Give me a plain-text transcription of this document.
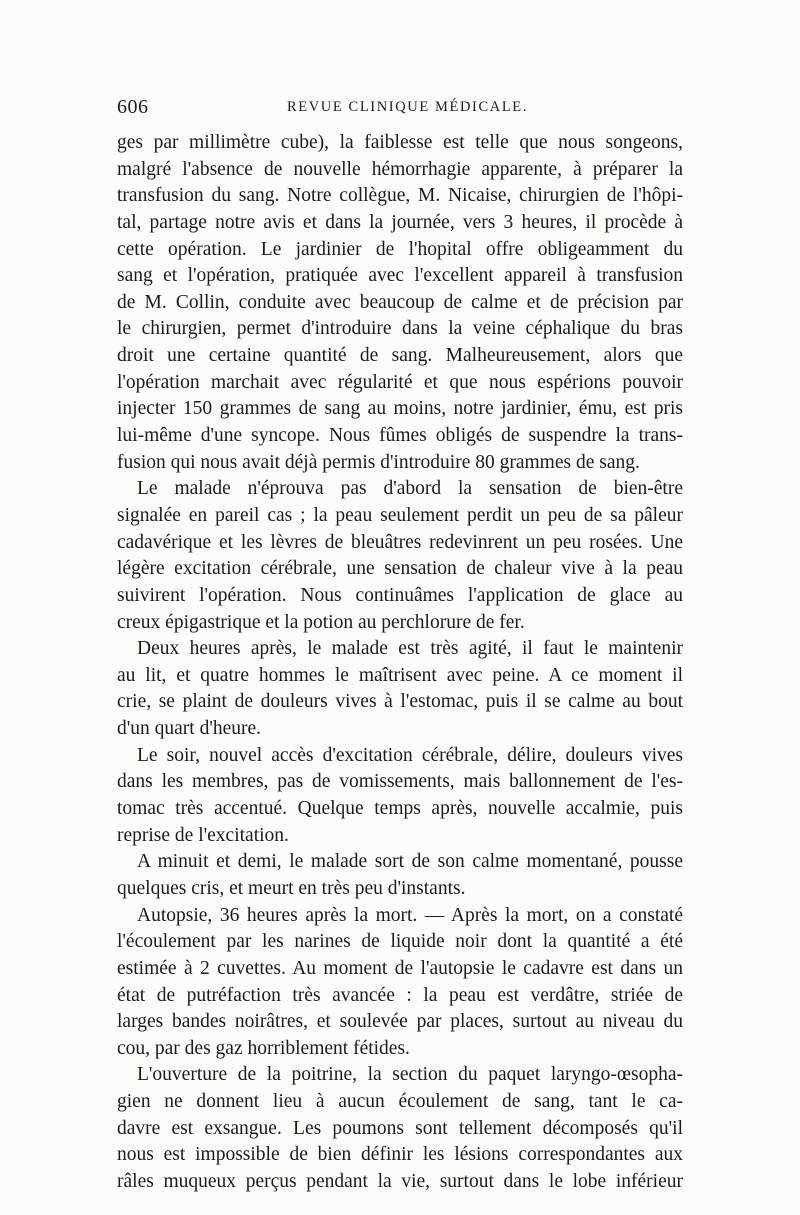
606	REVUE CLINIQUE MÉDICALE.
ges par millimètre cube), la faiblesse est telle que nous songeons,
malgré l'absence de nouvelle hémorrhagie apparente, à préparer la
transfusion du sang. Notre collègue, M. Nicaise, chirurgien de l'hôpi-
tal, partage notre avis et dans la journée, vers 3 heures, il procède à
cette opération. Le jardinier de l'hopital offre obligeamment du
sang et l'opération, pratiquée avec l'excellent appareil à transfusion
de M. Collin, conduite avec beaucoup de calme et de précision par
le chirurgien, permet d'introduire dans la veine céphalique du bras
droit une certaine quantité de sang. Malheureusement, alors que
l'opération marchait avec régularité et que nous espérions pouvoir
injecter 150 grammes de sang au moins, notre jardinier, ému, est pris
lui-même d'une syncope. Nous fûmes obligés de suspendre la trans-
fusion qui nous avait déjà permis d'introduire 80 grammes de sang.
Le malade n'éprouva pas d'abord la sensation de bien-être
signalée en pareil cas ; la peau seulement perdit un peu de sa pâleur
cadavérique et les lèvres de bleuâtres redevinrent un peu rosées. Une
légère excitation cérébrale, une sensation de chaleur vive à la peau
suivirent l'opération. Nous continuâmes l'application de glace au
creux épigastrique et la potion au perchlorure de fer.
Deux heures après, le malade est très agité, il faut le maintenir
au lit, et quatre hommes le maîtrisent avec peine. A ce moment il
crie, se plaint de douleurs vives à l'estomac, puis il se calme au bout
d'un quart d'heure.
Le soir, nouvel accès d'excitation cérébrale, délire, douleurs vives
dans les membres, pas de vomissements, mais ballonnement de l'es-
tomac très accentué. Quelque temps après, nouvelle accalmie, puis
reprise de l'excitation.
A minuit et demi, le malade sort de son calme momentané, pousse
quelques cris, et meurt en très peu d'instants.
Autopsie, 36 heures après la mort. — Après la mort, on a constaté
l'écoulement par les narines de liquide noir dont la quantité a été
estimée à 2 cuvettes. Au moment de l'autopsie le cadavre est dans un
état de putréfaction très avancée : la peau est verdâtre, striée de
larges bandes noirâtres, et soulevée par places, surtout au niveau du
cou, par des gaz horriblement fétides.
L'ouverture de la poitrine, la section du paquet laryngo-œsopha-
gien ne donnent lieu à aucun écoulement de sang, tant le ca-
davre est exsangue. Les poumons sont tellement décomposés qu'il
nous est impossible de bien définir les lésions correspondantes aux
râles muqueux perçus pendant la vie, surtout dans le lobe inférieur
